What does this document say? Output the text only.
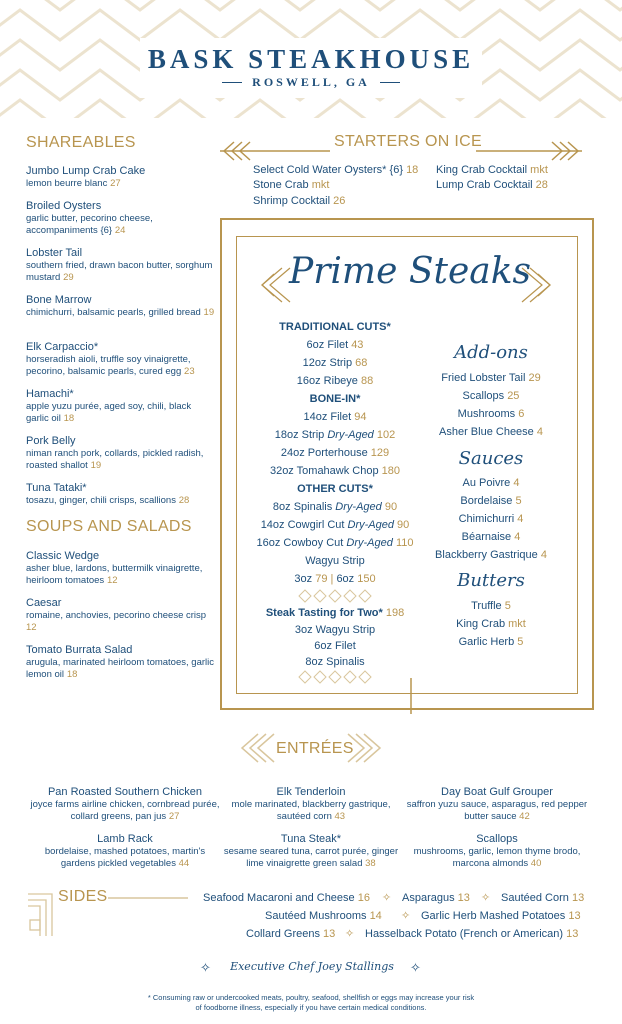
BASK STEAKHOUSE
ROSWELL, GA
SHAREABLES
Jumbo Lump Crab Cake
lemon beurre blanc 27
Broiled Oysters
garlic butter, pecorino cheese, accompaniments {6} 24
Lobster Tail
southern fried, drawn bacon butter, sorghum mustard 29
Bone Marrow
chimichurri, balsamic pearls, grilled bread 19
Elk Carpaccio*
horseradish aioli, truffle soy vinaigrette, pecorino, balsamic pearls, cured egg 23
Hamachi*
apple yuzu purée, aged soy, chili, black garlic oil 18
Pork Belly
niman ranch pork, collards, pickled radish, roasted shallot 19
Tuna Tataki*
tosazu, ginger, chili crisps, scallions 28
SOUPS AND SALADS
Classic Wedge
asher blue, lardons, buttermilk vinaigrette, heirloom tomatoes 12
Caesar
romaine, anchovies, pecorino cheese crisp 12
Tomato Burrata Salad
arugula, marinated heirloom tomatoes, garlic lemon oil 18
STARTERS ON ICE
Select Cold Water Oysters* {6} 18
Stone Crab mkt
Shrimp Cocktail 26
King Crab Cocktail mkt
Lump Crab Cocktail 28
Prime Steaks
TRADITIONAL CUTS*
6oz Filet 43
12oz Strip 68
16oz Ribeye 88
BONE-IN*
14oz Filet 94
18oz Strip Dry-Aged 102
24oz Porterhouse 129
32oz Tomahawk Chop 180
OTHER CUTS*
8oz Spinalis Dry-Aged 90
14oz Cowgirl Cut Dry-Aged 90
16oz Cowboy Cut Dry-Aged 110
Wagyu Strip
3oz 79 | 6oz 150
Steak Tasting for Two* 198
3oz Wagyu Strip
6oz Filet
8oz Spinalis
Add-ons
Fried Lobster Tail 29
Scallops 25
Mushrooms 6
Asher Blue Cheese 4
Sauces
Au Poivre 4
Bordelaise 5
Chimichurri 4
Béarnaise 4
Blackberry Gastrique 4
Butters
Truffle 5
King Crab mkt
Garlic Herb 5
ENTRÉES
Pan Roasted Southern Chicken
joyce farms airline chicken, cornbread purée, collard greens, pan jus 27
Elk Tenderloin
mole marinated, blackberry gastrique, sautéed corn 43
Day Boat Gulf Grouper
saffron yuzu sauce, asparagus, red pepper butter sauce 42
Lamb Rack
bordelaise, mashed potatoes, martin's gardens pickled vegetables 44
Tuna Steak*
sesame seared tuna, carrot purée, ginger lime vinaigrette green salad 38
Scallops
mushrooms, garlic, lemon thyme brodo, marcona almonds 40
SIDES	Seafood Macaroni and Cheese 16 ✧ Asparagus 13 ✧ Sautéed Corn 13
Sautéed Mushrooms 14 ✧ Garlic Herb Mashed Potatoes 13
Collard Greens 13 ✧ Hasselback Potato (French or American) 13
✧	Executive Chef Joey Stallings	✧
* Consuming raw or undercooked meats, poultry, seafood, shellfish or eggs may increase your risk
of foodborne illness, especially if you have certain medical conditions.
